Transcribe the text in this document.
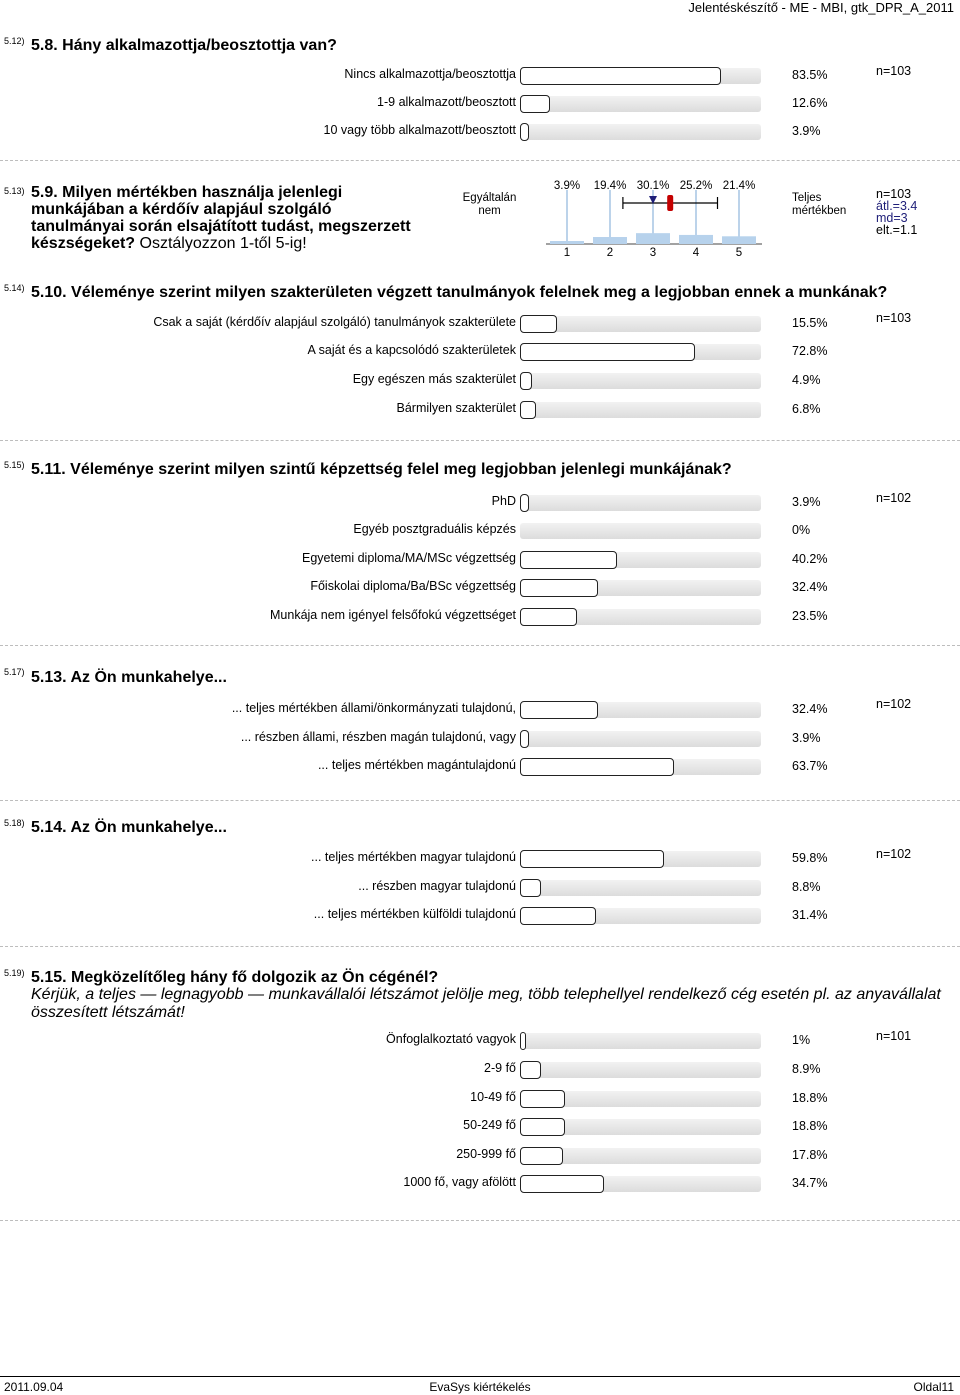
Jelentéskészítő - ME - MBI, gtk_DPR_A_2011
5.12) 5.8. Hány alkalmazottja/beosztottja van?
n=103
Nincs alkalmazottja/beosztottja	83.5%
1-9 alkalmazott/beosztott	12.6%
10 vagy több alkalmazott/beosztott	3.9%
5.13) 5.9. Milyen mértékben használja jelenlegi
munkájában a kérdőív alapjául szolgáló
tanulmányai során elsajátított tudást, megszerzett
készségeket? Osztályozzon 1-től 5-ig!
Egyáltalán
nem
Teljes
mértékben
3.9%	19.4% 30.1% 25.2% 21.4%
1	2	3	4	5
n=103
átl.=3.4
md=3
elt.=1.1
5.14) 5.10. Véleménye szerint milyen szakterületen végzett tanulmányok felelnek meg a legjobban ennek a munkának?
n=103
Csak a saját (kérdőív alapjául szolgáló) tanulmányok szakterülete	15.5%
A saját és a kapcsolódó szakterületek	72.8%
Egy egészen más szakterület	4.9%
Bármilyen szakterület	6.8%
5.15) 5.11. Véleménye szerint milyen szintű képzettség felel meg legjobban jelenlegi munkájának?
n=102
PhD	3.9%
Egyéb posztgraduális képzés	0%
Egyetemi diploma/MA/MSc végzettség	40.2%
Főiskolai diploma/Ba/BSc végzettség	32.4%
Munkája nem igényel felsőfokú végzettséget	23.5%
5.17) 5.13. Az Ön munkahelye...
n=102
... teljes mértékben állami/önkormányzati tulajdonú,	32.4%
... részben állami, részben magán tulajdonú, vagy	3.9%
... teljes mértékben magántulajdonú	63.7%
5.18) 5.14. Az Ön munkahelye...
n=102
... teljes mértékben magyar tulajdonú	59.8%
... részben magyar tulajdonú	8.8%
... teljes mértékben külföldi tulajdonú	31.4%
5.19) 5.15. Megközelítőleg hány fő dolgozik az Ön cégénél?
Kérjük, a teljes — legnagyobb — munkavállalói létszámot jelölje meg, több telephellyel rendelkező cég esetén pl. az anyavállalat összesített létszámát!
n=101
Önfoglalkoztató vagyok	1%
2-9 fő	8.9%
10-49 fő	18.8%
50-249 fő	18.8%
250-999 fő	17.8%
1000 fő, vagy afölött	34.7%
2011.09.04	EvaSys kiértékelés	Oldal11
